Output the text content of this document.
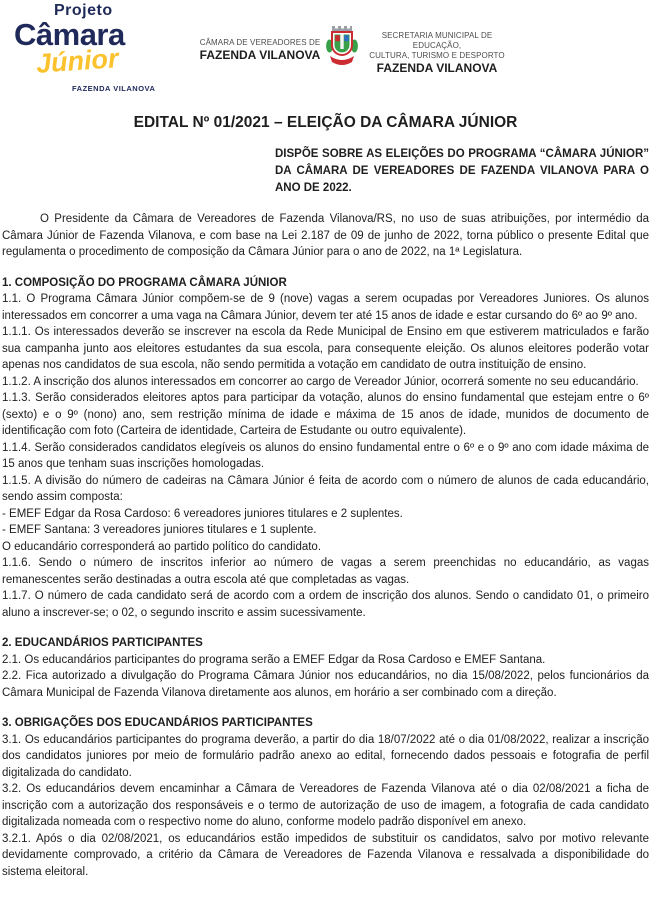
Projeto
Câmara
Júnior
FAZENDA VILANOVA
CÂMARA DE VEREADORES DE
FAZENDA VILANOVA
SECRETARIA MUNICIPAL DE EDUCAÇÃO,
CULTURA, TURISMO E DESPORTO
FAZENDA VILANOVA
EDITAL Nº 01/2021 – ELEIÇÃO DA CÂMARA JÚNIOR

DISPÕE SOBRE AS ELEIÇÕES DO PROGRAMA “CÂMARA JÚNIOR” DA CÂMARA DE VEREADORES DE FAZENDA VILANOVA PARA O ANO DE 2022.

O Presidente da Câmara de Vereadores de Fazenda Vilanova/RS, no uso de suas atribuições, por intermédio da Câmara Júnior de Fazenda Vilanova, e com base na Lei 2.187 de 09 de junho de 2022, torna público o presente Edital que regulamenta o procedimento de composição da Câmara Júnior para o ano de 2022, na 1ª Legislatura.

1. COMPOSIÇÃO DO PROGRAMA CÂMARA JÚNIOR

1.1. O Programa Câmara Júnior compõem-se de 9 (nove) vagas a serem ocupadas por Vereadores Juniores. Os alunos interessados em concorrer a uma vaga na Câmara Júnior, devem ter até 15 anos de idade e estar cursando do 6º ao 9º ano.

1.1.1. Os interessados deverão se inscrever na escola da Rede Municipal de Ensino em que estiverem matriculados e farão sua campanha junto aos eleitores estudantes da sua escola, para consequente eleição. Os alunos eleitores poderão votar apenas nos candidatos de sua escola, não sendo permitida a votação em candidato de outra instituição de ensino.

1.1.2. A inscrição dos alunos interessados em concorrer ao cargo de Vereador Júnior, ocorrerá somente no seu educandário.

1.1.3. Serão considerados eleitores aptos para participar da votação, alunos do ensino fundamental que estejam entre o 6º (sexto) e o 9º (nono) ano, sem restrição mínima de idade e máxima de 15 anos de idade, munidos de documento de identificação com foto (Carteira de identidade, Carteira de Estudante ou outro equivalente).

1.1.4. Serão considerados candidatos elegíveis os alunos do ensino fundamental entre o 6º e o 9º ano com idade máxima de 15 anos que tenham suas inscrições homologadas.

1.1.5. A divisão do número de cadeiras na Câmara Júnior é feita de acordo com o número de alunos de cada educandário, sendo assim composta:

- EMEF Edgar da Rosa Cardoso: 6 vereadores juniores titulares e 2 suplentes.

- EMEF Santana: 3 vereadores juniores titulares e 1 suplente.

O educandário corresponderá ao partido político do candidato.

1.1.6. Sendo o número de inscritos inferior ao número de vagas a serem preenchidas no educandário, as vagas remanescentes serão destinadas a outra escola até que completadas as vagas.

1.1.7. O número de cada candidato será de acordo com a ordem de inscrição dos alunos. Sendo o candidato 01, o primeiro aluno a inscrever-se; o 02, o segundo inscrito e assim sucessivamente.

2. EDUCANDÁRIOS PARTICIPANTES

2.1. Os educandários participantes do programa serão a EMEF Edgar da Rosa Cardoso e EMEF Santana.

2.2. Fica autorizado a divulgação do Programa Câmara Júnior nos educandários, no dia 15/08/2022, pelos funcionários da Câmara Municipal de Fazenda Vilanova diretamente aos alunos, em horário a ser combinado com a direção.

3. OBRIGAÇÕES DOS EDUCANDÁRIOS PARTICIPANTES

3.1. Os educandários participantes do programa deverão, a partir do dia 18/07/2022 até o dia 01/08/2022, realizar a inscrição dos candidatos juniores por meio de formulário padrão anexo ao edital, fornecendo dados pessoais e fotografia de perfil digitalizada do candidato.

3.2. Os educandários devem encaminhar a Câmara de Vereadores de Fazenda Vilanova até o dia 02/08/2021 a ficha de inscrição com a autorização dos responsáveis e o termo de autorização de uso de imagem, a fotografia de cada candidato digitalizada nomeada com o respectivo nome do aluno, conforme modelo padrão disponível em anexo.

3.2.1. Após o dia 02/08/2021, os educandários estão impedidos de substituir os candidatos, salvo por motivo relevante devidamente comprovado, a critério da Câmara de Vereadores de Fazenda Vilanova e ressalvada a disponibilidade do sistema eleitoral.
